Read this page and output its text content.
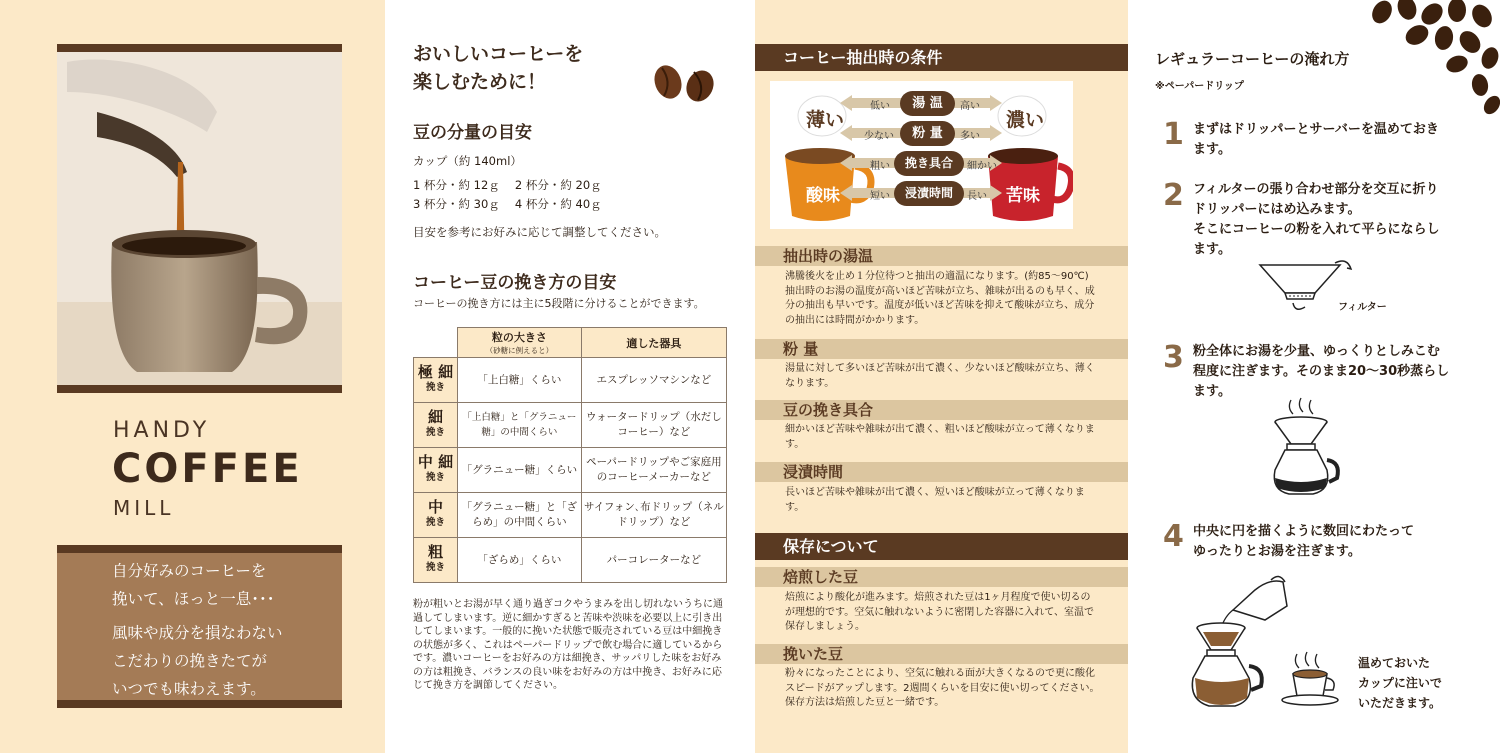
HANDY
COFFEE
MILL
自分好みのコーヒーを
挽いて、ほっと一息･･･
風味や成分を損なわない
こだわりの挽きたてが
いつでも味わえます。
おいしいコーヒーを
楽しむために！
豆の分量の目安
カップ（約 140ml）
1 杯分・約 12ｇ　 2 杯分・約 20ｇ
3 杯分・約 30ｇ　 4 杯分・約 40ｇ
目安を参考にお好みに応じて調整してください。
コーヒー豆の挽き方の目安
コーヒーの挽き方には主に5段階に分けることができます。
	粒の大きさ
（砂糖に例えると）	適した器具
極 細
挽き	「上白糖」くらい	エスプレッソマシンなど
細
挽き	「上白糖」と「グラニュー糖」の中間くらい	ウォータードリップ（水だしコーヒー）など
中 細
挽き	「グラニュー糖」くらい	ペーパードリップやご家庭用のコーヒーメーカーなど
中
挽き	「グラニュー糖」と「ざらめ」の中間くらい	サイフォン､布ドリップ（ネルドリップ）など
粗
挽き	「ざらめ」くらい	パーコレーターなど
粉が粗いとお湯が早く通り過ぎコクやうまみを出し切れないうちに通過してしまいます。逆に細かすぎると苦味や渋味を必要以上に引き出してしまいます。一般的に挽いた状態で販売されている豆は中細挽きの状態が多く、これはペーパードリップで飲む場合に適しているからです。濃いコーヒーをお好みの方は細挽き、サッパリした味をお好みの方は粗挽き、バランスの良い味をお好みの方は中挽き、お好みに応じて挽き方を調節してください。
コーヒー抽出時の条件
薄い	濃い
酸味	苦味
低い	湯 温	高い
少ない	粉 量	多い
粗い	挽き具合	細かい
短い	浸漬時間	長い
抽出時の湯温
沸騰後火を止め１分位待つと抽出の適温になります。(約85〜90℃) 抽出時のお湯の温度が高いほど苦味が立ち、雑味が出るのも早く、成分の抽出も早いです。温度が低いほど苦味を抑えて酸味が立ち、成分の抽出には時間がかかります。
粉 量
湯量に対して多いほど苦味が出て濃く、少ないほど酸味が立ち、薄くなります。
豆の挽き具合
細かいほど苦味や雑味が出て濃く、粗いほど酸味が立って薄くなります。
浸漬時間
長いほど苦味や雑味が出て濃く、短いほど酸味が立って薄くなります。
保存について
焙煎した豆
焙煎により酸化が進みます。焙煎された豆は1ヶ月程度で使い切るのが理想的です。空気に触れないように密閉した容器に入れて、室温で保存しましょう。
挽いた豆
粉々になったことにより、空気に触れる面が大きくなるので更に酸化スピードがアップします。2週間くらいを目安に使い切ってください。保存方法は焙煎した豆と一緒です。
レギュラーコーヒーの淹れ方
※ペーパードリップ
1 まずはドリッパーとサーバーを温めておき
ます。
2 フィルターの張り合わせ部分を交互に折り
ドリッパーにはめ込みます。
そこにコーヒーの粉を入れて平らにならし
ます。
フィルター
3 粉全体にお湯を少量、ゆっくりとしみこむ
程度に注ぎます。そのまま20〜30秒蒸らし
ます。
4 中央に円を描くように数回にわたって
ゆったりとお湯を注ぎます。
温めておいた
カップに注いで
いただきます。
